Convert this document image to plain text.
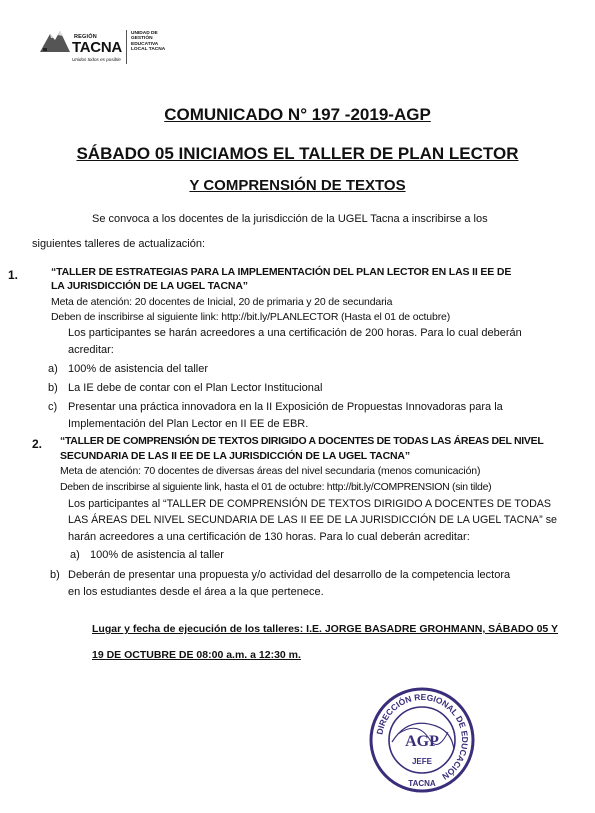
REGIÓN
TACNA
Unidos todos es posible
UNIDAD DE
GESTIÓN
EDUCATIVA
LOCAL TACNA
COMUNICADO N° 197 -2019-AGP
SÁBADO 05 INICIAMOS EL TALLER DE PLAN LECTOR
Y COMPRENSIÓN DE TEXTOS
Se convoca a los docentes de la jurisdicción de la UGEL Tacna a inscribirse a los
siguientes talleres de actualización:
1.	“TALLER DE ESTRATEGIAS PARA LA IMPLEMENTACIÓN DEL PLAN LECTOR EN LAS II EE DE
LA JURISDICCIÓN DE LA UGEL TACNA”
Meta de atención: 20 docentes de Inicial, 20 de primaria y 20 de secundaria
Deben de inscribirse al siguiente link: http://bit.ly/PLANLECTOR (Hasta el 01 de octubre)
Los participantes se harán acreedores a una certificación de 200 horas. Para lo cual deberán
acreditar:
a) 100% de asistencia del taller
b) La IE debe de contar con el Plan Lector Institucional
c) Presentar una práctica innovadora en la II Exposición de Propuestas Innovadoras para la
Implementación del Plan Lector en II EE de EBR.
2. “TALLER DE COMPRENSIÓN DE TEXTOS DIRIGIDO A DOCENTES DE TODAS LAS ÁREAS DEL NIVEL
SECUNDARIA DE LAS II EE DE LA JURISDICCIÓN DE LA UGEL TACNA”
Meta de atención: 70 docentes de diversas áreas del nivel secundaria (menos comunicación)
Deben de inscribirse al siguiente link, hasta el 01 de octubre: http://bit.ly/COMPRENSION (sin tilde)
Los participantes al “TALLER DE COMPRENSIÓN DE TEXTOS DIRIGIDO A DOCENTES DE TODAS
LAS ÁREAS DEL NIVEL SECUNDARIA DE LAS II EE DE LA JURISDICCIÓN DE LA UGEL TACNA” se
harán acreedores a una certificación de 130 horas. Para lo cual deberán acreditar:
a) 100% de asistencia al taller
b) Deberán de presentar una propuesta y/o actividad del desarrollo de la competencia lectora
en los estudiantes desde el área a la que pertenece.
Lugar y fecha de ejecución de los talleres: I.E. JORGE BASADRE GROHMANN, SÁBADO 05 Y
19 DE OCTUBRE DE 08:00 a.m. a 12:30 m.
DIRECCIÓN REGIONAL DE EDUCACIÓN
AGP
JEFE
TACNA
